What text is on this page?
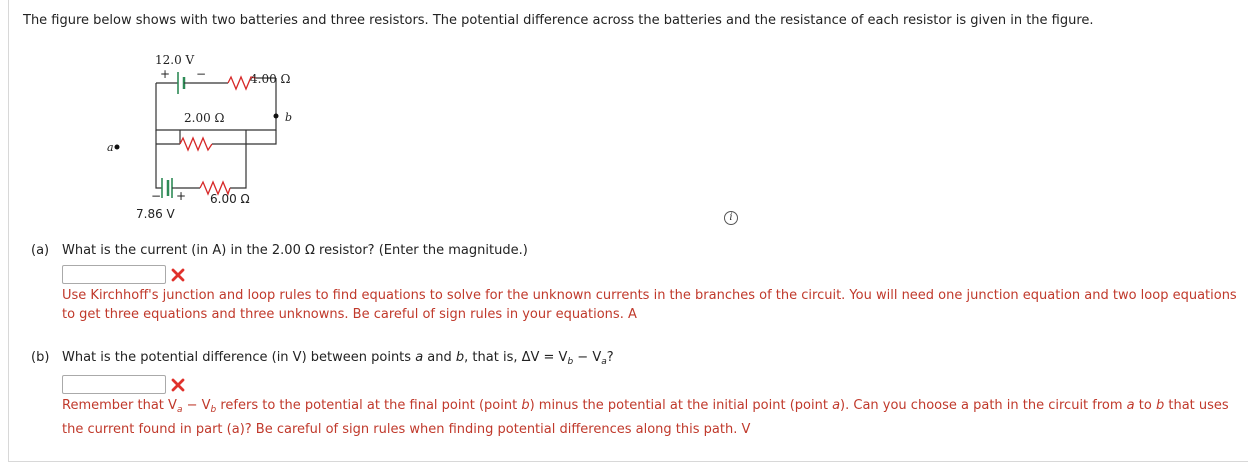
The figure below shows with two batteries and three resistors. The potential difference across the batteries and the resistance of each resistor is given in the figure.
12.0 V
+ −	4.00 Ω
2.00 Ω
a
b
− + 6.00 Ω
7.86 V	i
(a) What is the current (in A) in the 2.00 Ω resistor? (Enter the magnitude.)
Use Kirchhoff's junction and loop rules to find equations to solve for the unknown currents in the branches of the circuit. You will need one junction equation and two loop equations to get three equations and three unknowns. Be careful of sign rules in your equations. A
(b) What is the potential difference (in V) between points a and b, that is, $\Delta V = V_b - V_a$?
Remember that $V_a - V_b$ refers to the potential at the final point (point b) minus the potential at the initial point (point a). Can you choose a path in the circuit from a to b that uses the current found in part (a)? Be careful of sign rules when finding potential differences along this path. V
